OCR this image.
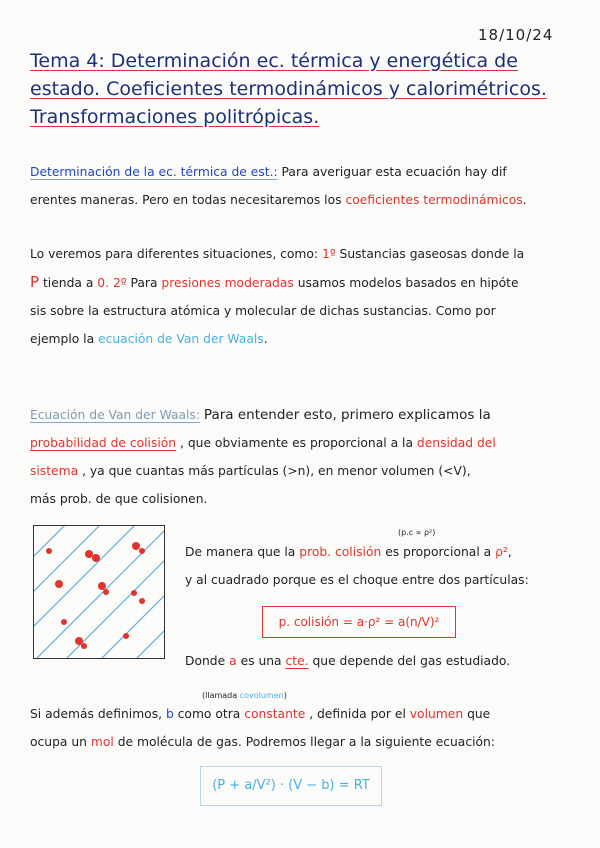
18/10/24
Tema 4: Determinación ec. térmica y energética de
estado. Coeficientes termodinámicos y calorimétricos.
Transformaciones politrópicas.
Determinación de la ec. térmica de est.: Para averiguar esta ecuación hay dif
erentes maneras. Pero en todas necesitaremos los coeficientes termodinámicos.
Lo veremos para diferentes situaciones, como: 1º Sustancias gaseosas donde la
P tienda a 0. 2º Para presiones moderadas usamos modelos basados en hipóte
sis sobre la estructura atómica y molecular de dichas sustancias. Como por
ejemplo la ecuación de Van der Waals.
Ecuación de Van der Waals: Para entender esto, primero explicamos la
probabilidad de colisión , que obviamente es proporcional a la densidad del
sistema , ya que cuantas más partículas (>n), en menor volumen (<V),
más prob. de que colisionen.
(p.c ∝ ρ²)
De manera que la prob. colisión es proporcional a ρ²,
y al cuadrado porque es el choque entre dos partículas:
p. colisión = a·ρ² = a(n/V)²
Donde a es una cte. que depende del gas estudiado.
(llamada covolumen)
Si además definimos, b como otra constante , definida por el volumen que
ocupa un mol de molécula de gas. Podremos llegar a la siguiente ecuación:
(P + a/V²) · (V − b) = RT
